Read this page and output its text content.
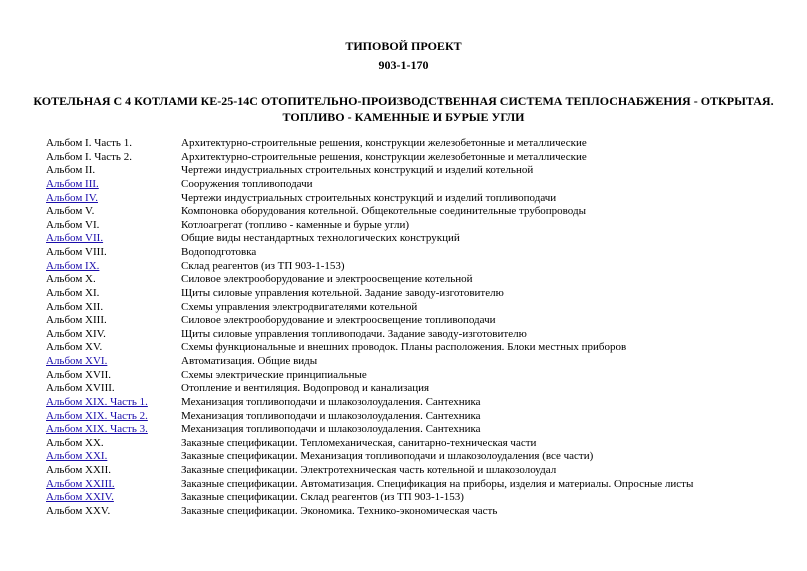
ТИПОВОЙ ПРОЕКТ
903-1-170
КОТЕЛЬНАЯ С 4 КОТЛАМИ КЕ-25-14С ОТОПИТЕЛЬНО-ПРОИЗВОДСТВЕННАЯ СИСТЕМА ТЕПЛОСНАБЖЕНИЯ - ОТКРЫТАЯ.
ТОПЛИВО - КАМЕННЫЕ И БУРЫЕ УГЛИ
Альбом I. Часть 1.	Архитектурно-строительные решения, конструкции железобетонные и металлические
Альбом I. Часть 2.	Архитектурно-строительные решения, конструкции железобетонные и металлические
Альбом II.	Чертежи индустриальных строительных конструкций и изделий котельной
Альбом III.	Сооружения топливоподачи
Альбом IV.	Чертежи индустриальных строительных конструкций и изделий топливоподачи
Альбом V.	Компоновка оборудования котельной. Общекотельные соединительные трубопроводы
Альбом VI.	Котлоагрегат (топливо - каменные и бурые угли)
Альбом VII.	Общие виды нестандартных технологических конструкций
Альбом VIII.	Водоподготовка
Альбом IX.	Склад реагентов (из ТП 903-1-153)
Альбом X.	Силовое электрооборудование и электроосвещение котельной
Альбом XI.	Щиты силовые управления котельной. Задание заводу-изготовителю
Альбом XII.	Схемы управления электродвигателями котельной
Альбом XIII.	Силовое электрооборудование и электроосвещение топливоподачи
Альбом XIV.	Щиты силовые управления топливоподачи. Задание заводу-изготовителю
Альбом XV.	Схемы функциональные и внешних проводок. Планы расположения. Блоки местных приборов
Альбом XVI.	Автоматизация. Общие виды
Альбом XVII.	Схемы электрические принципиальные
Альбом XVIII.	Отопление и вентиляция. Водопровод и канализация
Альбом XIX. Часть 1.	Механизация топливоподачи и шлакозолоудаления. Сантехника
Альбом XIX. Часть 2.	Механизация топливоподачи и шлакозолоудаления. Сантехника
Альбом XIX. Часть 3.	Механизация топливоподачи и шлакозолоудаления. Сантехника
Альбом XX.	Заказные спецификации. Тепломеханическая, санитарно-техническая части
Альбом XXI.	Заказные спецификации. Механизация топливоподачи и шлакозолоудаления (все части)
Альбом XXII.	Заказные спецификации. Электротехническая часть котельной и шлакозолоудал
Альбом XXIII.	Заказные спецификации. Автоматизация. Спецификация на приборы, изделия и материалы. Опросные листы
Альбом XXIV.	Заказные спецификации. Склад реагентов (из ТП 903-1-153)
Альбом XXV.	Заказные спецификации. Экономика. Технико-экономическая часть
